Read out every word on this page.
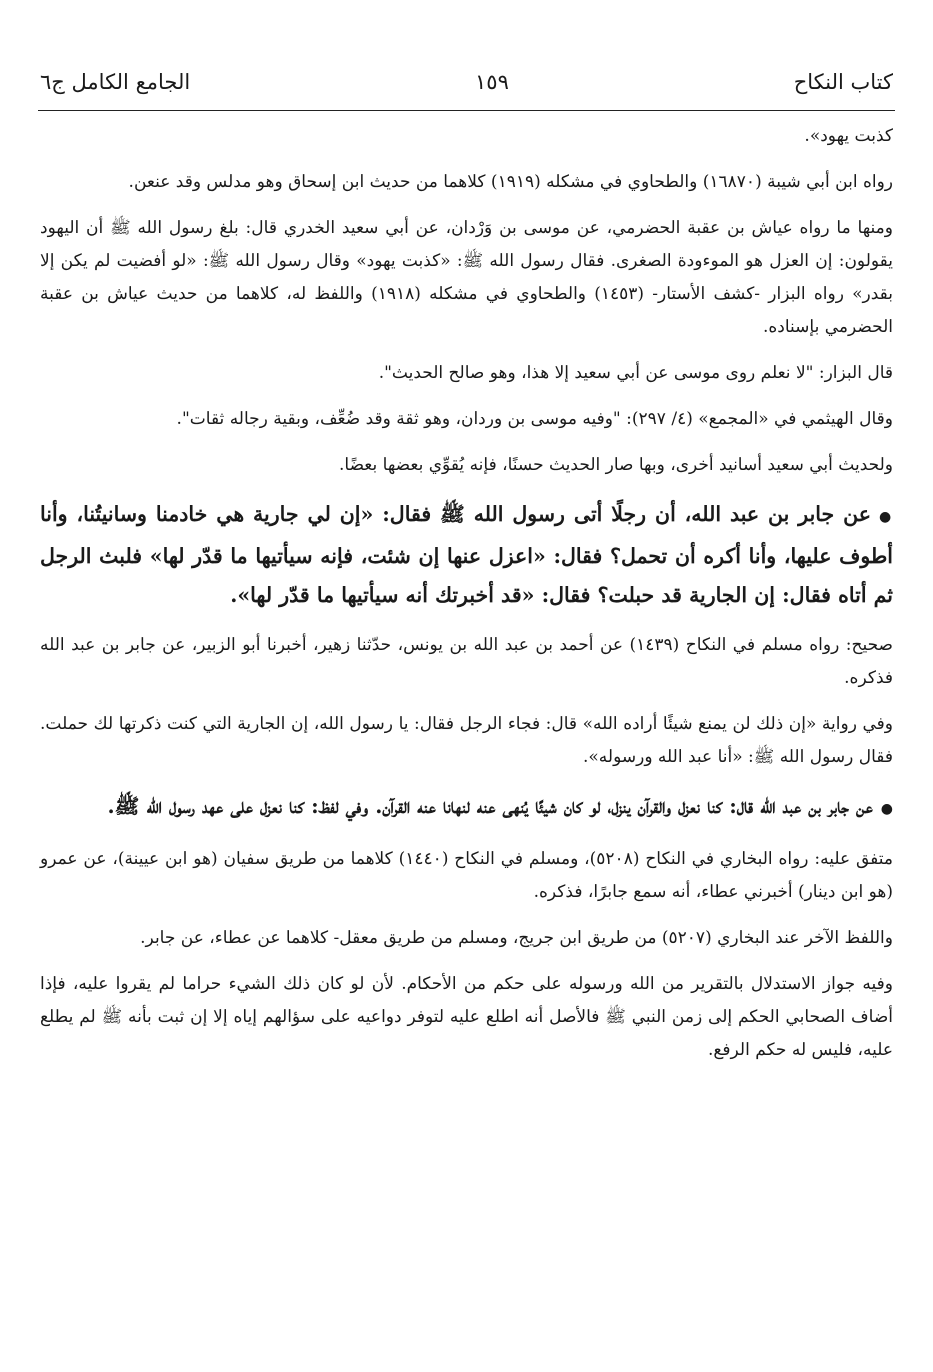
كتاب النكاح
١٥٩
الجامع الكامل ج٦

كذبت يهود».

رواه ابن أبي شيبة (١٦٨٧٠) والطحاوي في مشكله (١٩١٩) كلاهما من حديث ابن إسحاق وهو مدلس وقد عنعن.

ومنها ما رواه عياش بن عقبة الحضرمي، عن موسى بن وَرْدان، عن أبي سعيد الخدري قال: بلغ رسول الله ﷺ أن اليهود يقولون: إن العزل هو الموءودة الصغرى. فقال رسول الله ﷺ: «كذبت يهود» وقال رسول الله ﷺ: «لو أفضيت لم يكن إلا بقدر» رواه البزار -كشف الأستار- (١٤٥٣) والطحاوي في مشكله (١٩١٨) واللفظ له، كلاهما من حديث عياش بن عقبة الحضرمي بإسناده.

قال البزار: "لا نعلم روى موسى عن أبي سعيد إلا هذا، وهو صالح الحديث".

وقال الهيثمي في «المجمع» (٤/ ٢٩٧): "وفيه موسى بن وردان، وهو ثقة وقد ضُعِّف، وبقية رجاله ثقات".

ولحديث أبي سعيد أسانيد أخرى، وبها صار الحديث حسنًا، فإنه يُقوِّي بعضها بعضًا.

●عن جابر بن عبد الله، أن رجلًا أتى رسول الله ﷺ فقال: «إن لي جارية هي خادمنا وسانيتُنا، وأنا أطوف عليها، وأنا أكره أن تحمل؟ فقال: «اعزل عنها إن شئت، فإنه سيأتيها ما قدّر لها» فلبث الرجل ثم أتاه فقال: إن الجارية قد حبلت؟ فقال: «قد أخبرتك أنه سيأتيها ما قدّر لها».

صحيح: رواه مسلم في النكاح (١٤٣٩) عن أحمد بن عبد الله بن يونس، حدّثنا زهير، أخبرنا أبو الزبير، عن جابر بن عبد الله فذكره.

وفي رواية «إن ذلك لن يمنع شيئًا أراده الله» قال: فجاء الرجل فقال: يا رسول الله، إن الجارية التي كنت ذكرتها لك حملت. فقال رسول الله ﷺ: «أنا عبد الله ورسوله».

●عن جابر بن عبد الله قال: كنا نعزل والقرآن ينزل، لو كان شيئًا يُنهى عنه لنهانا عنه القرآن. وفي لفظ: كنا نعزل على عهد رسول الله ﷺ.

متفق عليه: رواه البخاري في النكاح (٥٢٠٨)، ومسلم في النكاح (١٤٤٠) كلاهما من طريق سفيان (هو ابن عيينة)، عن عمرو (هو ابن دينار) أخبرني عطاء، أنه سمع جابرًا، فذكره.

واللفظ الآخر عند البخاري (٥٢٠٧) من طريق ابن جريج، ومسلم من طريق معقل- كلاهما عن عطاء، عن جابر.

وفيه جواز الاستدلال بالتقرير من الله ورسوله على حكم من الأحكام. لأن لو كان ذلك الشيء حراما لم يقروا عليه، فإذا أضاف الصحابي الحكم إلى زمن النبي ﷺ فالأصل أنه اطلع عليه لتوفر دواعيه على سؤالهم إياه إلا إن ثبت بأنه ﷺ لم يطلع عليه، فليس له حكم الرفع.
